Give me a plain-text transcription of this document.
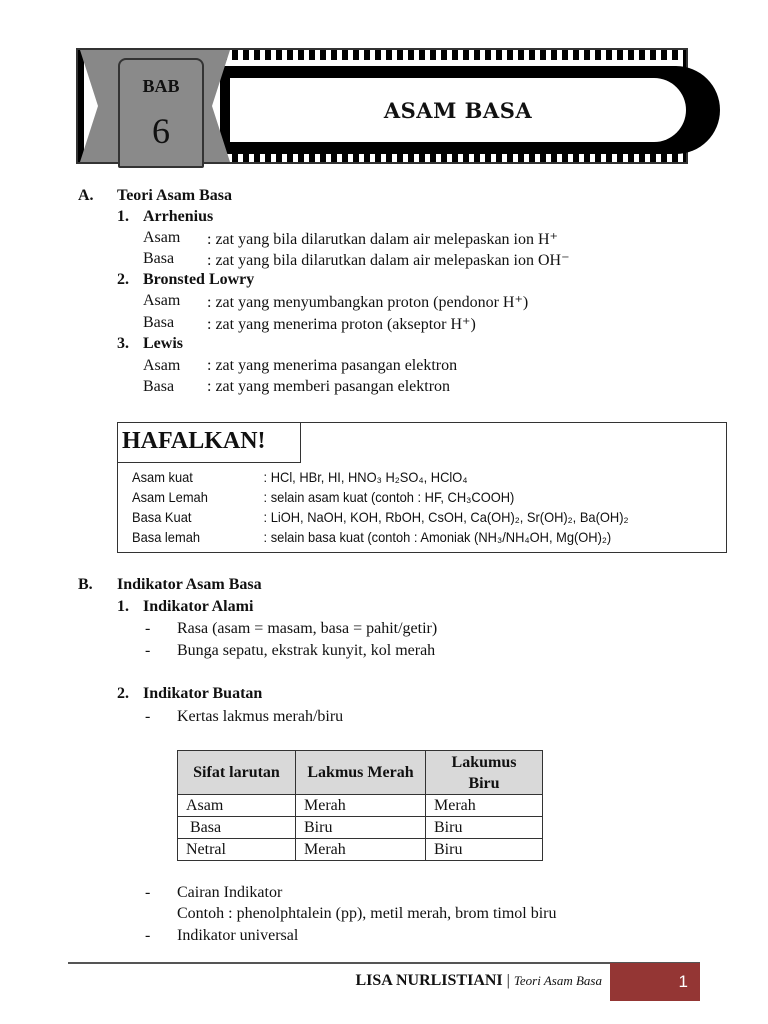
ASAM BASA
BAB
6
A. Teori Asam Basa
1. Arrhenius
Asam : zat yang bila dilarutkan dalam air melepaskan ion H⁺
Basa : zat yang bila dilarutkan dalam air melepaskan ion OH⁻
2. Bronsted Lowry
Asam : zat yang menyumbangkan proton (pendonor H⁺)
Basa : zat yang menerima proton (akseptor H⁺)
3. Lewis
Asam : zat yang menerima pasangan elektron
Basa : zat yang memberi pasangan elektron
HAFALKAN!
Asam kuat	: HCl, HBr, HI, HNO₃ H₂SO₄, HClO₄
Asam Lemah	: selain asam kuat (contoh : HF, CH₃COOH)
Basa Kuat	: LiOH, NaOH, KOH, RbOH, CsOH, Ca(OH)₂, Sr(OH)₂, Ba(OH)₂
Basa lemah	: selain basa kuat (contoh : Amoniak (NH₃/NH₄OH, Mg(OH)₂)
B. Indikator Asam Basa
1. Indikator Alami
- Rasa (asam = masam, basa = pahit/getir)
- Bunga sepatu, ekstrak kunyit, kol merah
2. Indikator Buatan
- Kertas lakmus merah/biru
Sifat larutan	Lakmus Merah	Lakumus Biru
Asam	Merah	Merah
Basa	Biru	Biru
Netral	Merah	Biru
- Cairan Indikator
Contoh : phenolphtalein (pp), metil merah, brom timol biru
- Indikator universal
LISA NURLISTIANI | Teori Asam Basa	1
